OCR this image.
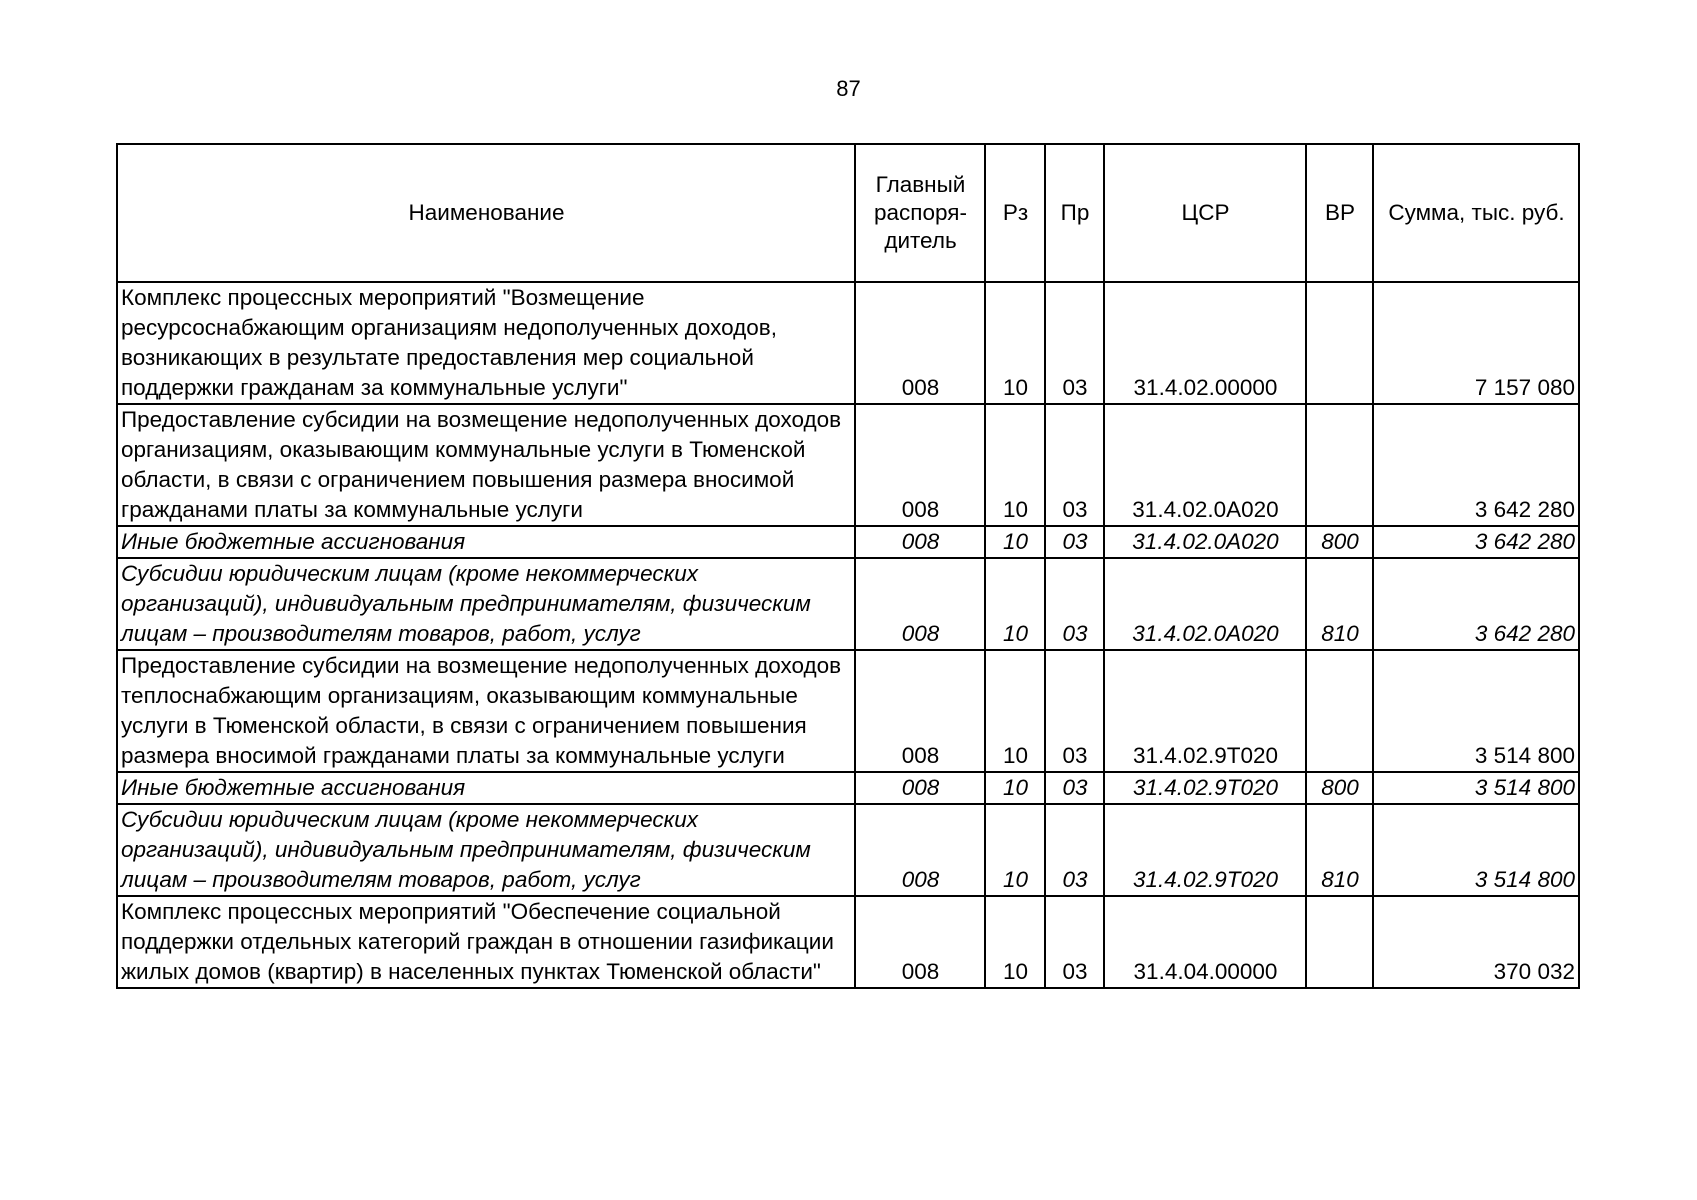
87
Наименование	Главный распоря-дитель	Рз	Пр	ЦСР	ВР	Сумма, тыс. руб.
Комплекс процессных мероприятий "Возмещение ресурсоснабжающим организациям недополученных доходов, возникающих в результате предоставления мер социальной поддержки гражданам за коммунальные услуги"	008	10	03	31.4.02.00000		7 157 080
Предоставление субсидии на возмещение недополученных доходов организациям, оказывающим коммунальные услуги в Тюменской области, в связи с ограничением повышения размера вносимой гражданами платы за коммунальные услуги	008	10	03	31.4.02.0А020		3 642 280
Иные бюджетные ассигнования	008	10	03	31.4.02.0А020	800	3 642 280
Субсидии юридическим лицам (кроме некоммерческих организаций), индивидуальным предпринимателям, физическим лицам – производителям товаров, работ, услуг	008	10	03	31.4.02.0А020	810	3 642 280
Предоставление субсидии на возмещение недополученных доходов теплоснабжающим организациям, оказывающим коммунальные услуги в Тюменской области, в связи с ограничением повышения размера вносимой гражданами платы за коммунальные услуги	008	10	03	31.4.02.9Т020		3 514 800
Иные бюджетные ассигнования	008	10	03	31.4.02.9Т020	800	3 514 800
Субсидии юридическим лицам (кроме некоммерческих организаций), индивидуальным предпринимателям, физическим лицам – производителям товаров, работ, услуг	008	10	03	31.4.02.9Т020	810	3 514 800
Комплекс процессных мероприятий "Обеспечение социальной поддержки отдельных категорий граждан в отношении газификации жилых домов (квартир) в населенных пунктах Тюменской области"	008	10	03	31.4.04.00000		370 032
